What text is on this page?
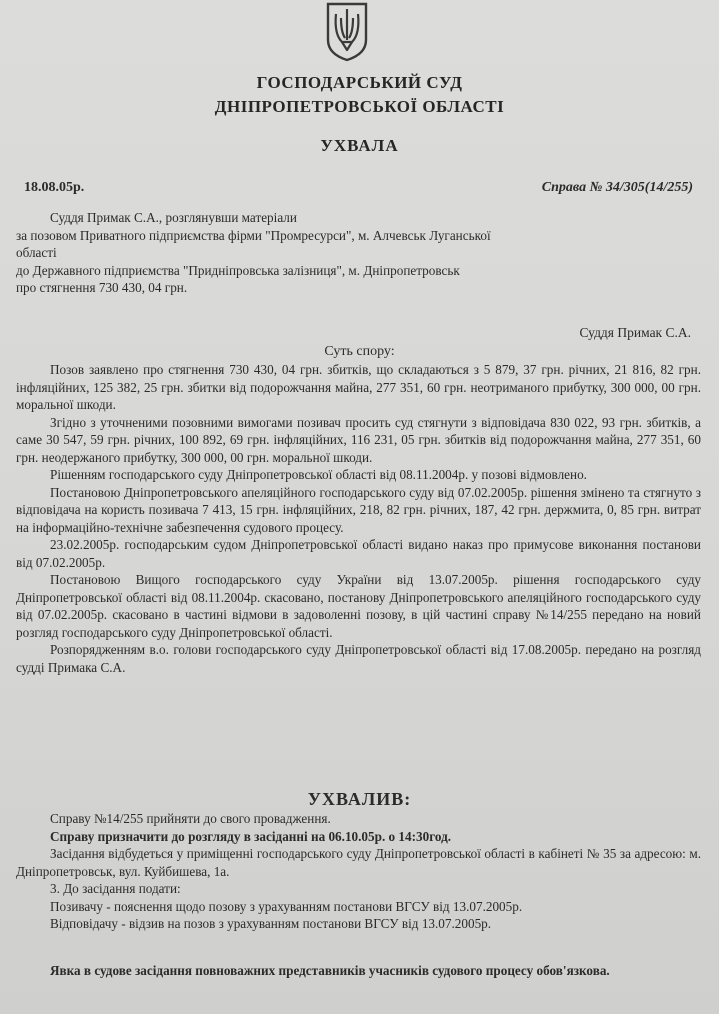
ГОСПОДАРСЬКИЙ СУД
ДНІПРОПЕТРОВСЬКОЇ ОБЛАСТІ
УХВАЛА
18.08.05р.	Справа № 34/305(14/255)

Суддя Примак С.А., розглянувши матеріали

за позовом Приватного підприємства фірми "Промресурси", м. Алчевськ Луганської

області

до Державного підприємства "Придніпровська залізниця", м. Дніпропетровськ

про стягнення 730 430, 04 грн.

Суддя Примак С.А.
Суть спору:

Позов заявлено про стягнення 730 430, 04 грн. збитків, що складаються з 5 879, 37 грн. річних, 21 816, 82 грн. інфляційних, 125 382, 25 грн. збитки від подорожчання майна, 277 351, 60 грн. неотриманого прибутку, 300 000, 00 грн. моральної шкоди.

Згідно з уточненими позовними вимогами позивач просить суд стягнути з відповідача 830 022, 93 грн. збитків, а саме 30 547, 59 грн. річних, 100 892, 69 грн. інфляційних, 116 231, 05 грн. збитків від подорожчання майна, 277 351, 60 грн. неодержаного прибутку, 300 000, 00 грн. моральної шкоди.

Рішенням господарського суду Дніпропетровської області від 08.11.2004р. у позові відмовлено.

Постановою Дніпропетровського апеляційного господарського суду від 07.02.2005р. рішення змінено та стягнуто з відповідача на користь позивача 7 413, 15 грн. інфляційних, 218, 82 грн. річних, 187, 42 грн. держмита, 0, 85 грн. витрат на інформаційно-технічне забезпечення судового процесу.

23.02.2005р. господарським судом Дніпропетровської області видано наказ про примусове виконання постанови від 07.02.2005р.

Постановою Вищого господарського суду України від 13.07.2005р. рішення господарського суду Дніпропетровської області від 08.11.2004р. скасовано, постанову Дніпропетровського апеляційного господарського суду від 07.02.2005р. скасовано в частині відмови в задоволенні позову, в цій частині справу №14/255 передано на новий розгляд господарського суду Дніпропетровської області.

Розпорядженням в.о. голови господарського суду Дніпропетровської області від 17.08.2005р. передано на розгляд судді Примака С.А.

УХВАЛИВ:

Справу №14/255 прийняти до свого провадження.

Справу призначити до розгляду в засіданні на 06.10.05р. о 14:30год.

Засідання відбудеться у приміщенні господарського суду Дніпропетровської області в кабінеті № 35 за адресою: м. Дніпропетровськ, вул. Куйбишева, 1а.

3. До засідання подати:

Позивачу - пояснення щодо позову з урахуванням постанови ВГСУ від 13.07.2005р.

Відповідачу - відзив на позов з урахуванням постанови ВГСУ від 13.07.2005р.

Явка в судове засідання повноважних представників учасників судового процесу обов'язкова.
